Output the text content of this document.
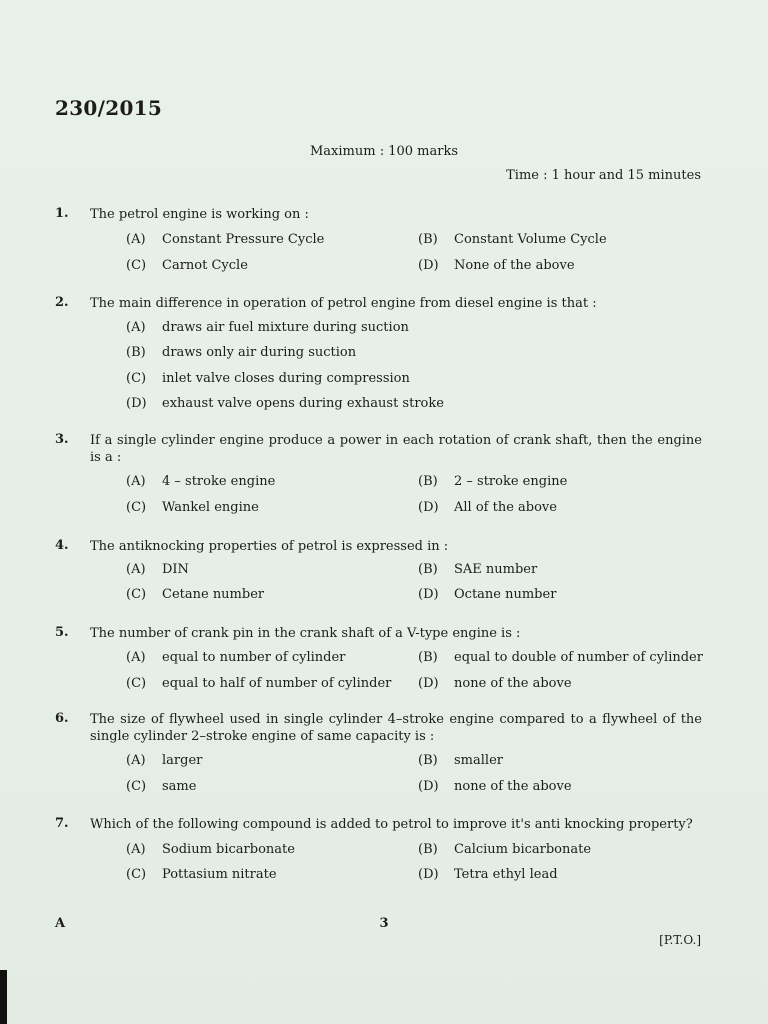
230/2015
Maximum : 100 marks
Time : 1 hour and 15 minutes
1. The petrol engine is working on :
(A) Constant Pressure Cycle	(B) Constant Volume Cycle
(C) Carnot Cycle	(D) None of the above
2. The main difference in operation of petrol engine from diesel engine is that :
(A) draws air fuel mixture during suction
(B) draws only air during suction
(C) inlet valve closes during compression
(D) exhaust valve opens during exhaust stroke
3. If a single cylinder engine produce a power in each rotation of crank shaft, then the engine is a :
(A) 4 – stroke engine	(B) 2 – stroke engine
(C) Wankel engine	(D) All of the above
4. The antiknocking properties of petrol is expressed in :
(A) DIN	(B) SAE number
(C) Cetane number	(D) Octane number
5. The number of crank pin in the crank shaft of a V-type engine is :
(A) equal to number of cylinder	(B) equal to double of number of cylinder
(C) equal to half of number of cylinder (D) none of the above
6. The size of flywheel used in single cylinder 4–stroke engine compared to a flywheel of the single cylinder 2–stroke engine of same capacity is :
(A) larger	(B) smaller
(C) same	(D) none of the above
7. Which of the following compound is added to petrol to improve it's anti knocking property?
(A) Sodium bicarbonate	(B) Calcium bicarbonate
(C) Pottasium nitrate	(D) Tetra ethyl lead
A	3
[P.T.O.]
